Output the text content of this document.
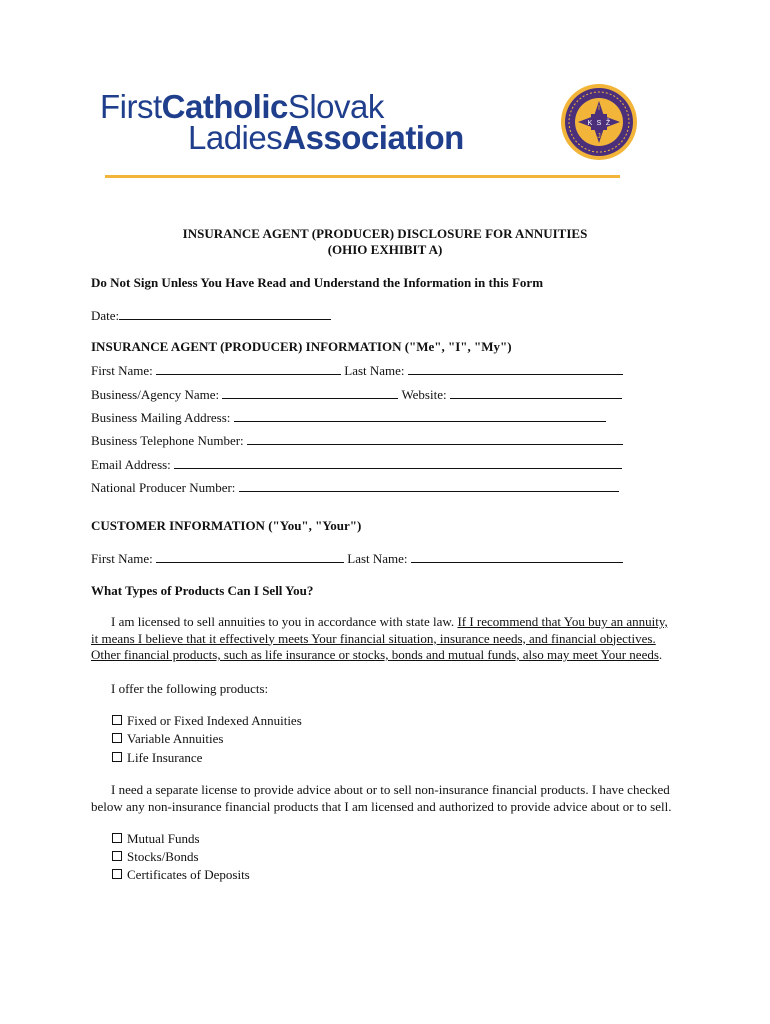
FirstCatholicSlovak
LadiesAssociation
I
K S Ž
J
INSURANCE AGENT (PRODUCER) DISCLOSURE FOR ANNUITIES
(OHIO EXHIBIT A)
Do Not Sign Unless You Have Read and Understand the Information in this Form
Date:
INSURANCE AGENT (PRODUCER) INFORMATION ("Me", "I", "My")
First Name:	Last Name:
Business/Agency Name:	Website:
Business Mailing Address:
Business Telephone Number:
Email Address:
National Producer Number:
CUSTOMER INFORMATION ("You", "Your")
First Name:	Last Name:
What Types of Products Can I Sell You?
I am licensed to sell annuities to you in accordance with state law. If I recommend that You buy an annuity,
it means I believe that it effectively meets Your financial situation, insurance needs, and financial objectives.
Other financial products, such as life insurance or stocks, bonds and mutual funds, also may meet Your needs.
I offer the following products:
Fixed or Fixed Indexed Annuities
Variable Annuities
Life Insurance
I need a separate license to provide advice about or to sell non-insurance financial products. I have checked
below any non-insurance financial products that I am licensed and authorized to provide advice about or to sell.
Mutual Funds
Stocks/Bonds
Certificates of Deposits
